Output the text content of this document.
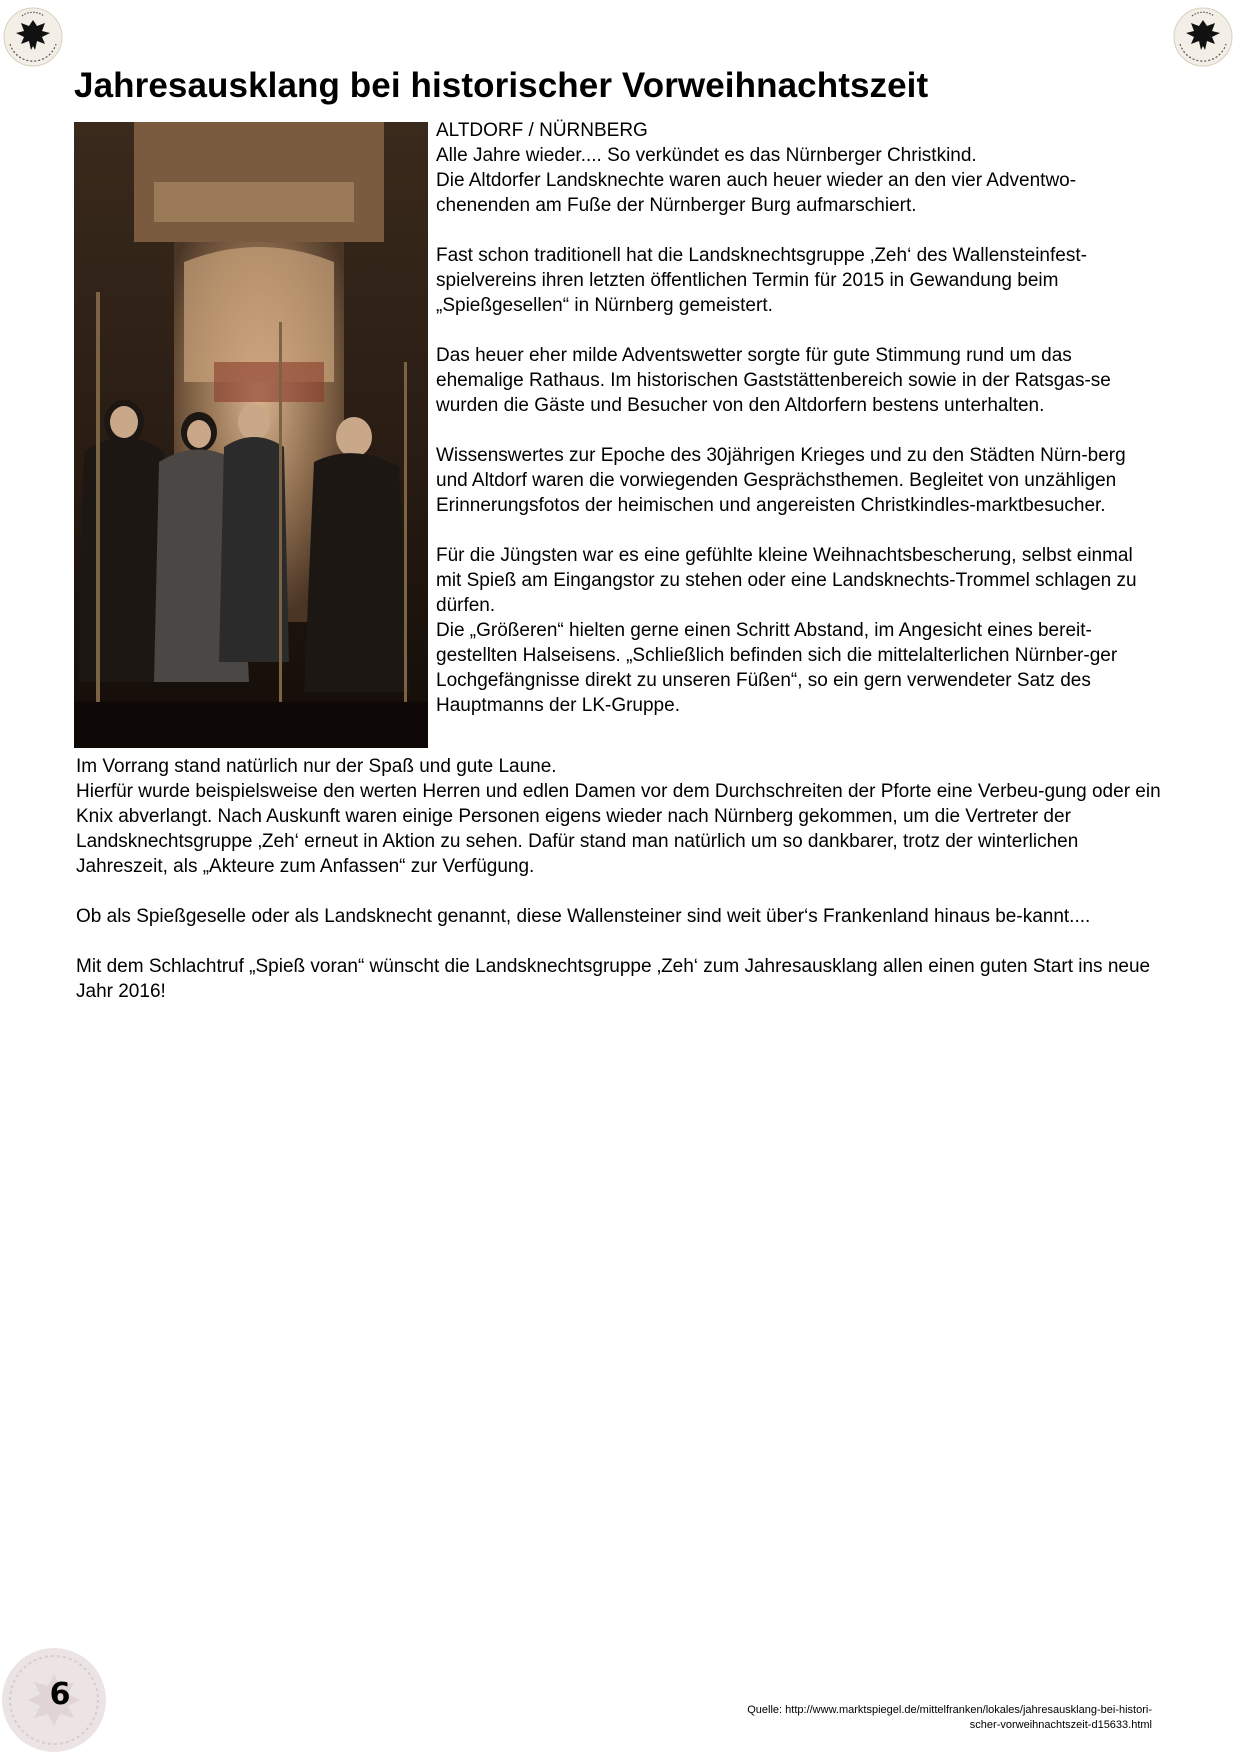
Jahresausklang bei historischer Vorweihnachtszeit

ALTDORF / NÜRNBERG

Alle Jahre wieder.... So verkündet es das Nürnberger Christkind.

Die Altdorfer Landsknechte waren auch heuer wieder an den vier Adventwo-chenenden am Fuße der Nürnberger Burg aufmarschiert.

Fast schon traditionell hat die Landsknechtsgruppe ‚Zeh‘ des Wallensteinfest-spielvereins ihren letzten öffentlichen Termin für 2015 in Gewandung beim „Spießgesellen“ in Nürnberg gemeistert.

Das heuer eher milde Adventswetter sorgte für gute Stimmung rund um das ehemalige Rathaus. Im historischen Gaststättenbereich sowie in der Ratsgas-se wurden die Gäste und Besucher von den Altdorfern bestens unterhalten.

Wissenswertes zur Epoche des 30jährigen Krieges und zu den Städten Nürn-berg und Altdorf waren die vorwiegenden Gesprächsthemen. Begleitet von unzähligen Erinnerungsfotos der heimischen und angereisten Christkindles-marktbesucher.

Für die Jüngsten war es eine gefühlte kleine Weihnachtsbescherung, selbst einmal mit Spieß am Eingangstor zu stehen oder eine Landsknechts-Trommel schlagen zu dürfen.

Die „Größeren“ hielten gerne einen Schritt Abstand, im Angesicht eines bereit-gestellten Halseisens. „Schließlich befinden sich die mittelalterlichen Nürnber-ger Lochgefängnisse direkt zu unseren Füßen“, so ein gern verwendeter Satz des Hauptmanns der LK-Gruppe.

Im Vorrang stand natürlich nur der Spaß und gute Laune.

Hierfür wurde beispielsweise den werten Herren und edlen Damen vor dem Durchschreiten der Pforte eine Verbeu-gung oder ein Knix abverlangt. Nach Auskunft waren einige Personen eigens wieder nach Nürnberg gekommen, um die Vertreter der Landsknechtsgruppe ‚Zeh‘ erneut in Aktion zu sehen. Dafür stand man natürlich um so dankbarer, trotz der winterlichen Jahreszeit, als „Akteure zum Anfassen“ zur Verfügung.

Ob als Spießgeselle oder als Landsknecht genannt, diese Wallensteiner sind weit über‘s Frankenland hinaus be-kannt....

Mit dem Schlachtruf „Spieß voran“ wünscht die Landsknechtsgruppe ‚Zeh‘ zum Jahresausklang allen einen guten Start ins neue Jahr 2016!

6	Quelle: http://www.marktspiegel.de/mittelfranken/lokales/jahresausklang-bei-histori-
scher-vorweihnachtszeit-d15633.html
